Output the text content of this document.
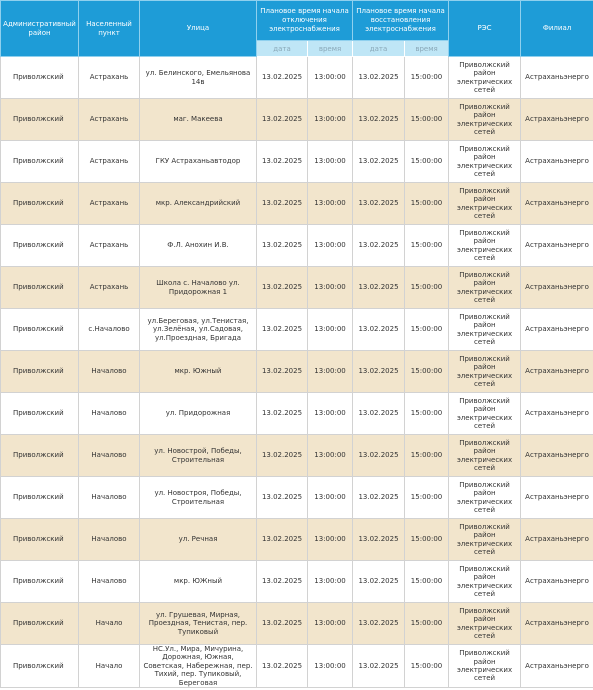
Административный район	Населенный пункт	Улица	Плановое время начала отключения электроснабжения		Плановое время начала восстановления электроснабжения		РЭС	Филиал
			дата	время	дата	время		
Приволжский	Астрахань	ул. Белинского, Емельянова 14в	13.02.2025	13:00:00	13.02.2025	15:00:00	Приволжский район электрических сетей	Астраханьэнерго
Приволжский	Астрахань	маг. Макеева	13.02.2025	13:00:00	13.02.2025	15:00:00	Приволжский район электрических сетей	Астраханьэнерго
Приволжский	Астрахань	ГКУ Астраханьавтодор	13.02.2025	13:00:00	13.02.2025	15:00:00	Приволжский район электрических сетей	Астраханьэнерго
Приволжский	Астрахань	мкр. Александрийский	13.02.2025	13:00:00	13.02.2025	15:00:00	Приволжский район электрических сетей	Астраханьэнерго
Приволжский	Астрахань	Ф.Л. Анохин И.В.	13.02.2025	13:00:00	13.02.2025	15:00:00	Приволжский район электрических сетей	Астраханьэнерго
Приволжский	Астрахань	Школа с. Началово ул. Придорожная 1	13.02.2025	13:00:00	13.02.2025	15:00:00	Приволжский район электрических сетей	Астраханьэнерго
Приволжский	с.Началово	ул.Береговая, ул.Тенистая, ул.Зелёная, ул.Садовая, ул.Проездная, Бригада	13.02.2025	13:00:00	13.02.2025	15:00:00	Приволжский район электрических сетей	Астраханьэнерго
Приволжский	Началово	мкр. Южный	13.02.2025	13:00:00	13.02.2025	15:00:00	Приволжский район электрических сетей	Астраханьэнерго
Приволжский	Началово	ул. Придорожная	13.02.2025	13:00:00	13.02.2025	15:00:00	Приволжский район электрических сетей	Астраханьэнерго
Приволжский	Началово	ул. Новострой, Победы, Строительная	13.02.2025	13:00:00	13.02.2025	15:00:00	Приволжский район электрических сетей	Астраханьэнерго
Приволжский	Началово	ул. Новостроя, Победы, Строительная	13.02.2025	13:00:00	13.02.2025	15:00:00	Приволжский район электрических сетей	Астраханьэнерго
Приволжский	Началово	ул. Речная	13.02.2025	13:00:00	13.02.2025	15:00:00	Приволжский район электрических сетей	Астраханьэнерго
Приволжский	Началово	мкр. ЮЖный	13.02.2025	13:00:00	13.02.2025	15:00:00	Приволжский район электрических сетей	Астраханьэнерго
Приволжский	Начало	ул. Грушевая, Мирная, Проездная, Тенистая, пер. Тупиковый	13.02.2025	13:00:00	13.02.2025	15:00:00	Приволжский район электрических сетей	Астраханьэнерго
Приволжский	Начало	НС.Ул., Мира, Мичурина, Дорожная, Южная, Советская, Набережная, пер. Тихий, пер. Тупиковый, Береговая	13.02.2025	13:00:00	13.02.2025	15:00:00	Приволжский район электрических сетей	Астраханьэнерго
